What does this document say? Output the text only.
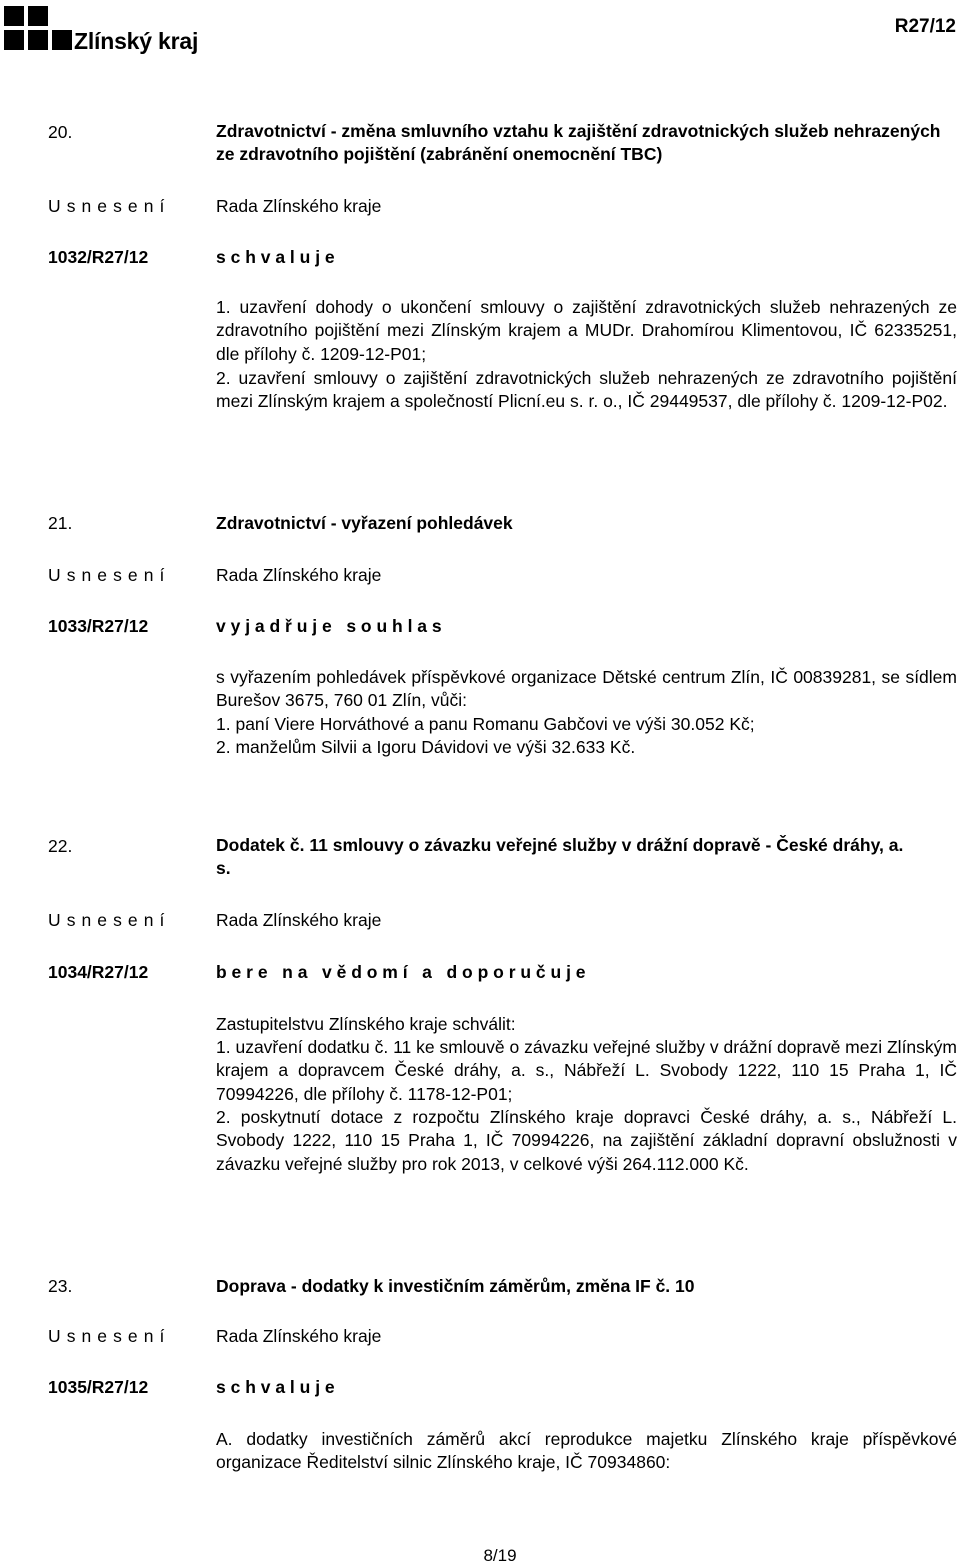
Zlínský kraj
R27/12
20.	Zdravotnictví - změna smluvního vztahu k zajištění zdravotnických služeb nehrazených ze zdravotního pojištění (zabránění onemocnění TBC)
U s n e s e n í	Rada Zlínského kraje
1032/R27/12	s c h v a l u j e
1. uzavření dohody o ukončení smlouvy o zajištění zdravotnických služeb nehrazených ze zdravotního pojištění mezi Zlínským krajem a MUDr. Drahomírou Klimentovou, IČ 62335251, dle přílohy č. 1209-12-P01;
2. uzavření smlouvy o zajištění zdravotnických služeb nehrazených ze zdravotního pojištění mezi Zlínským krajem a společností Plicní.eu s. r. o., IČ 29449537, dle přílohy č. 1209-12-P02.
21.	Zdravotnictví - vyřazení pohledávek
U s n e s e n í	Rada Zlínského kraje
1033/R27/12	v y j a d ř u j e   s o u h l a s
s vyřazením pohledávek příspěvkové organizace Dětské centrum Zlín, IČ 00839281, se sídlem Burešov 3675, 760 01 Zlín, vůči:
1. paní Viere Horváthové a panu Romanu Gabčovi ve výši 30.052 Kč;
2. manželům Silvii a Igoru Dávidovi ve výši 32.633 Kč.
22.	Dodatek č. 11 smlouvy o závazku veřejné služby v drážní dopravě - České dráhy, a. s.
U s n e s e n í	Rada Zlínského kraje
1034/R27/12	b e r e   n a   v ě d o m í   a   d o p o r u č u j e
Zastupitelstvu Zlínského kraje schválit:
1. uzavření dodatku č. 11 ke smlouvě o závazku veřejné služby v drážní dopravě mezi Zlínským krajem a dopravcem České dráhy, a. s., Nábřeží L. Svobody 1222, 110 15 Praha 1, IČ 70994226, dle přílohy č. 1178-12-P01;
2. poskytnutí dotace z rozpočtu Zlínského kraje dopravci České dráhy, a. s., Nábřeží L. Svobody 1222, 110 15 Praha 1, IČ 70994226, na zajištění základní dopravní obslužnosti v závazku veřejné služby pro rok 2013, v celkové výši 264.112.000 Kč.
23.	Doprava - dodatky k investičním záměrům, změna IF č. 10
U s n e s e n í	Rada Zlínského kraje
1035/R27/12	s c h v a l u j e
A. dodatky investičních záměrů akcí reprodukce majetku Zlínského kraje příspěvkové organizace Ředitelství silnic Zlínského kraje, IČ 70934860:
8/19
